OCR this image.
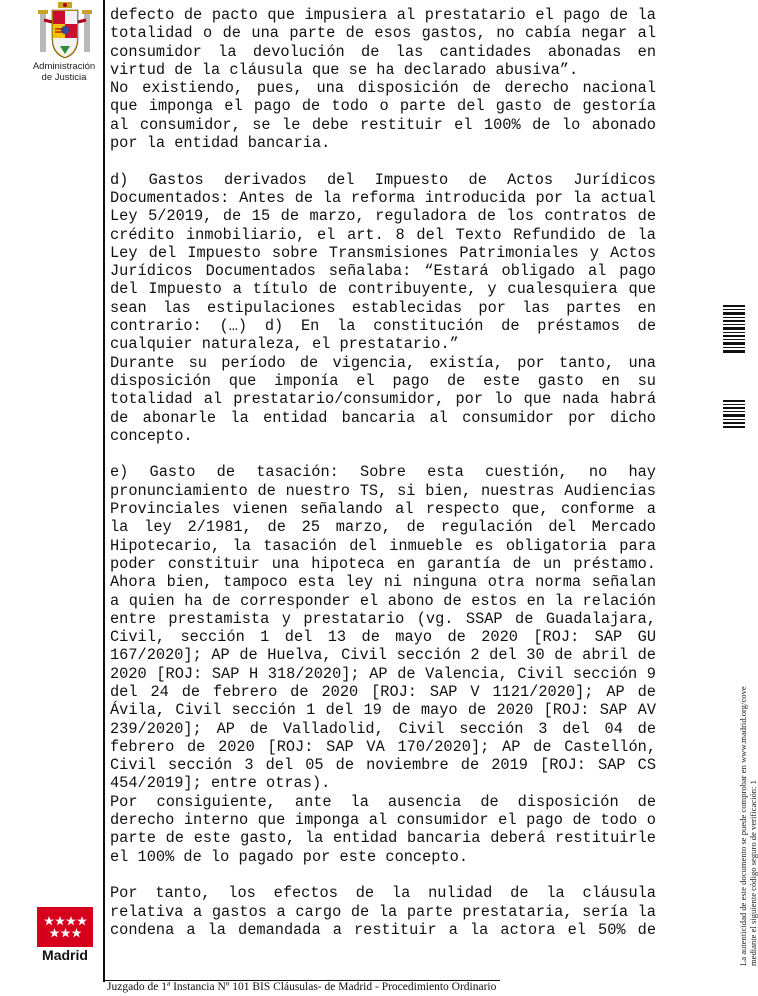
Administración
de Justicia
defecto de pacto que impusiera al prestatario el pago de la
totalidad o de una parte de esos gastos, no cabía negar al
consumidor la devolución de las cantidades abonadas en
virtud de la cláusula que se ha declarado abusiva”.
No existiendo, pues, una disposición de derecho nacional
que imponga el pago de todo o parte del gasto de gestoría
al consumidor, se le debe restituir el 100% de lo abonado
por la entidad bancaria.
d) Gastos derivados del Impuesto de Actos Jurídicos
Documentados: Antes de la reforma introducida por la actual
Ley 5/2019, de 15 de marzo, reguladora de los contratos de
crédito inmobiliario, el art. 8 del Texto Refundido de la
Ley del Impuesto sobre Transmisiones Patrimoniales y Actos
Jurídicos Documentados señalaba: “Estará obligado al pago
del Impuesto a título de contribuyente, y cualesquiera que
sean las estipulaciones establecidas por las partes en
contrario: (…) d) En la constitución de préstamos de
cualquier naturaleza, el prestatario.”
Durante su período de vigencia, existía, por tanto, una
disposición que imponía el pago de este gasto en su
totalidad al prestatario/consumidor, por lo que nada habrá
de abonarle la entidad bancaria al consumidor por dicho
concepto.
e) Gasto de tasación: Sobre esta cuestión, no hay
pronunciamiento de nuestro TS, si bien, nuestras Audiencias
Provinciales vienen señalando al respecto que, conforme a
la ley 2/1981, de 25 marzo, de regulación del Mercado
Hipotecario, la tasación del inmueble es obligatoria para
poder constituir una hipoteca en garantía de un préstamo.
Ahora bien, tampoco esta ley ni ninguna otra norma señalan
a quien ha de corresponder el abono de estos en la relación
entre prestamista y prestatario (vg. SSAP de Guadalajara,
Civil, sección 1 del 13 de mayo de 2020 [ROJ: SAP GU
167/2020]; AP de Huelva, Civil sección 2 del 30 de abril de
2020 [ROJ: SAP H 318/2020]; AP de Valencia, Civil sección 9
del 24 de febrero de 2020 [ROJ: SAP V 1121/2020]; AP de
Ávila, Civil sección 1 del 19 de mayo de 2020 [ROJ: SAP AV
239/2020]; AP de Valladolid, Civil sección 3 del 04 de
febrero de 2020 [ROJ: SAP VA 170/2020]; AP de Castellón,
Civil sección 3 del 05 de noviembre de 2019 [ROJ: SAP CS
454/2019]; entre otras).
Por consiguiente, ante la ausencia de disposición de
derecho interno que imponga al consumidor el pago de todo o
parte de este gasto, la entidad bancaria deberá restituirle
el 100% de lo pagado por este concepto.
Por tanto, los efectos de la nulidad de la cláusula
relativa a gastos a cargo de la parte prestataria, sería la
condena a la demandada a restituir a la actora el 50% de
Madrid
Juzgado de 1ª Instancia Nº 101 BIS Cláusulas- de Madrid - Procedimiento Ordinario
La autenticidad de este documento se puede comprobar en www.madrid.org/cove mediante el siguiente código seguro de verificación: 1
